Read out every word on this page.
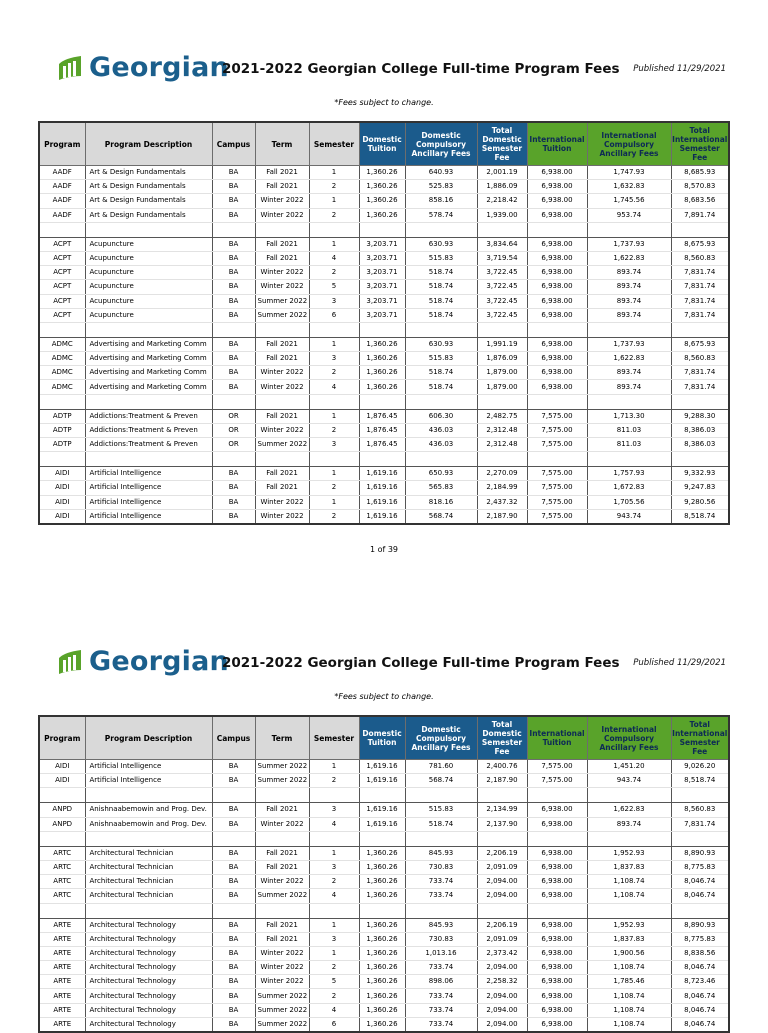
Georgian
2021-2022 Georgian College Full-time Program Fees Published 11/29/2021
*Fees subject to change.
Program	Program Description	Campus	Term	Semester	Domestic Tuition	Domestic Compulsory Ancillary Fees	Total Domestic Semester Fee	International Tuition	International Compulsory Ancillary Fees	Total International Semester Fee
AADF	Art & Design Fundamentals	BA	Fall 2021	1	1,360.26	640.93	2,001.19	6,938.00	1,747.93	8,685.93
AADF	Art & Design Fundamentals	BA	Fall 2021	2	1,360.26	525.83	1,886.09	6,938.00	1,632.83	8,570.83
AADF	Art & Design Fundamentals	BA	Winter 2022	1	1,360.26	858.16	2,218.42	6,938.00	1,745.56	8,683.56
AADF	Art & Design Fundamentals	BA	Winter 2022	2	1,360.26	578.74	1,939.00	6,938.00	953.74	7,891.74

ACPT	Acupuncture	BA	Fall 2021	1	3,203.71	630.93	3,834.64	6,938.00	1,737.93	8,675.93
ACPT	Acupuncture	BA	Fall 2021	4	3,203.71	515.83	3,719.54	6,938.00	1,622.83	8,560.83
ACPT	Acupuncture	BA	Winter 2022	2	3,203.71	518.74	3,722.45	6,938.00	893.74	7,831.74
ACPT	Acupuncture	BA	Winter 2022	5	3,203.71	518.74	3,722.45	6,938.00	893.74	7,831.74
ACPT	Acupuncture	BA	Summer 2022	3	3,203.71	518.74	3,722.45	6,938.00	893.74	7,831.74
ACPT	Acupuncture	BA	Summer 2022	6	3,203.71	518.74	3,722.45	6,938.00	893.74	7,831.74

ADMC	Advertising and Marketing Comm	BA	Fall 2021	1	1,360.26	630.93	1,991.19	6,938.00	1,737.93	8,675.93
ADMC	Advertising and Marketing Comm	BA	Fall 2021	3	1,360.26	515.83	1,876.09	6,938.00	1,622.83	8,560.83
ADMC	Advertising and Marketing Comm	BA	Winter 2022	2	1,360.26	518.74	1,879.00	6,938.00	893.74	7,831.74
ADMC	Advertising and Marketing Comm	BA	Winter 2022	4	1,360.26	518.74	1,879.00	6,938.00	893.74	7,831.74

ADTP	Addictions:Treatment & Preven	OR	Fall 2021	1	1,876.45	606.30	2,482.75	7,575.00	1,713.30	9,288.30
ADTP	Addictions:Treatment & Preven	OR	Winter 2022	2	1,876.45	436.03	2,312.48	7,575.00	811.03	8,386.03
ADTP	Addictions:Treatment & Preven	OR	Summer 2022	3	1,876.45	436.03	2,312.48	7,575.00	811.03	8,386.03

AIDI	Artificial Intelligence	BA	Fall 2021	1	1,619.16	650.93	2,270.09	7,575.00	1,757.93	9,332.93
AIDI	Artificial Intelligence	BA	Fall 2021	2	1,619.16	565.83	2,184.99	7,575.00	1,672.83	9,247.83
AIDI	Artificial Intelligence	BA	Winter 2022	1	1,619.16	818.16	2,437.32	7,575.00	1,705.56	9,280.56
AIDI	Artificial Intelligence	BA	Winter 2022	2	1,619.16	568.74	2,187.90	7,575.00	943.74	8,518.74
1 of 39
Georgian
2021-2022 Georgian College Full-time Program Fees Published 11/29/2021
*Fees subject to change.
Program	Program Description	Campus	Term	Semester	Domestic Tuition	Domestic Compulsory Ancillary Fees	Total Domestic Semester Fee	International Tuition	International Compulsory Ancillary Fees	Total International Semester Fee
AIDI	Artificial Intelligence	BA	Summer 2022	1	1,619.16	781.60	2,400.76	7,575.00	1,451.20	9,026.20
AIDI	Artificial Intelligence	BA	Summer 2022	2	1,619.16	568.74	2,187.90	7,575.00	943.74	8,518.74

ANPD	Anishnaabemowin and Prog. Dev.	BA	Fall 2021	3	1,619.16	515.83	2,134.99	6,938.00	1,622.83	8,560.83
ANPD	Anishnaabemowin and Prog. Dev.	BA	Winter 2022	4	1,619.16	518.74	2,137.90	6,938.00	893.74	7,831.74

ARTC	Architectural Technician	BA	Fall 2021	1	1,360.26	845.93	2,206.19	6,938.00	1,952.93	8,890.93
ARTC	Architectural Technician	BA	Fall 2021	3	1,360.26	730.83	2,091.09	6,938.00	1,837.83	8,775.83
ARTC	Architectural Technician	BA	Winter 2022	2	1,360.26	733.74	2,094.00	6,938.00	1,108.74	8,046.74
ARTC	Architectural Technician	BA	Summer 2022	4	1,360.26	733.74	2,094.00	6,938.00	1,108.74	8,046.74

ARTE	Architectural Technology	BA	Fall 2021	1	1,360.26	845.93	2,206.19	6,938.00	1,952.93	8,890.93
ARTE	Architectural Technology	BA	Fall 2021	3	1,360.26	730.83	2,091.09	6,938.00	1,837.83	8,775.83
ARTE	Architectural Technology	BA	Winter 2022	1	1,360.26	1,013.16	2,373.42	6,938.00	1,900.56	8,838.56
ARTE	Architectural Technology	BA	Winter 2022	2	1,360.26	733.74	2,094.00	6,938.00	1,108.74	8,046.74
ARTE	Architectural Technology	BA	Winter 2022	5	1,360.26	898.06	2,258.32	6,938.00	1,785.46	8,723.46
ARTE	Architectural Technology	BA	Summer 2022	2	1,360.26	733.74	2,094.00	6,938.00	1,108.74	8,046.74
ARTE	Architectural Technology	BA	Summer 2022	4	1,360.26	733.74	2,094.00	6,938.00	1,108.74	8,046.74
ARTE	Architectural Technology	BA	Summer 2022	6	1,360.26	733.74	2,094.00	6,938.00	1,108.74	8,046.74
